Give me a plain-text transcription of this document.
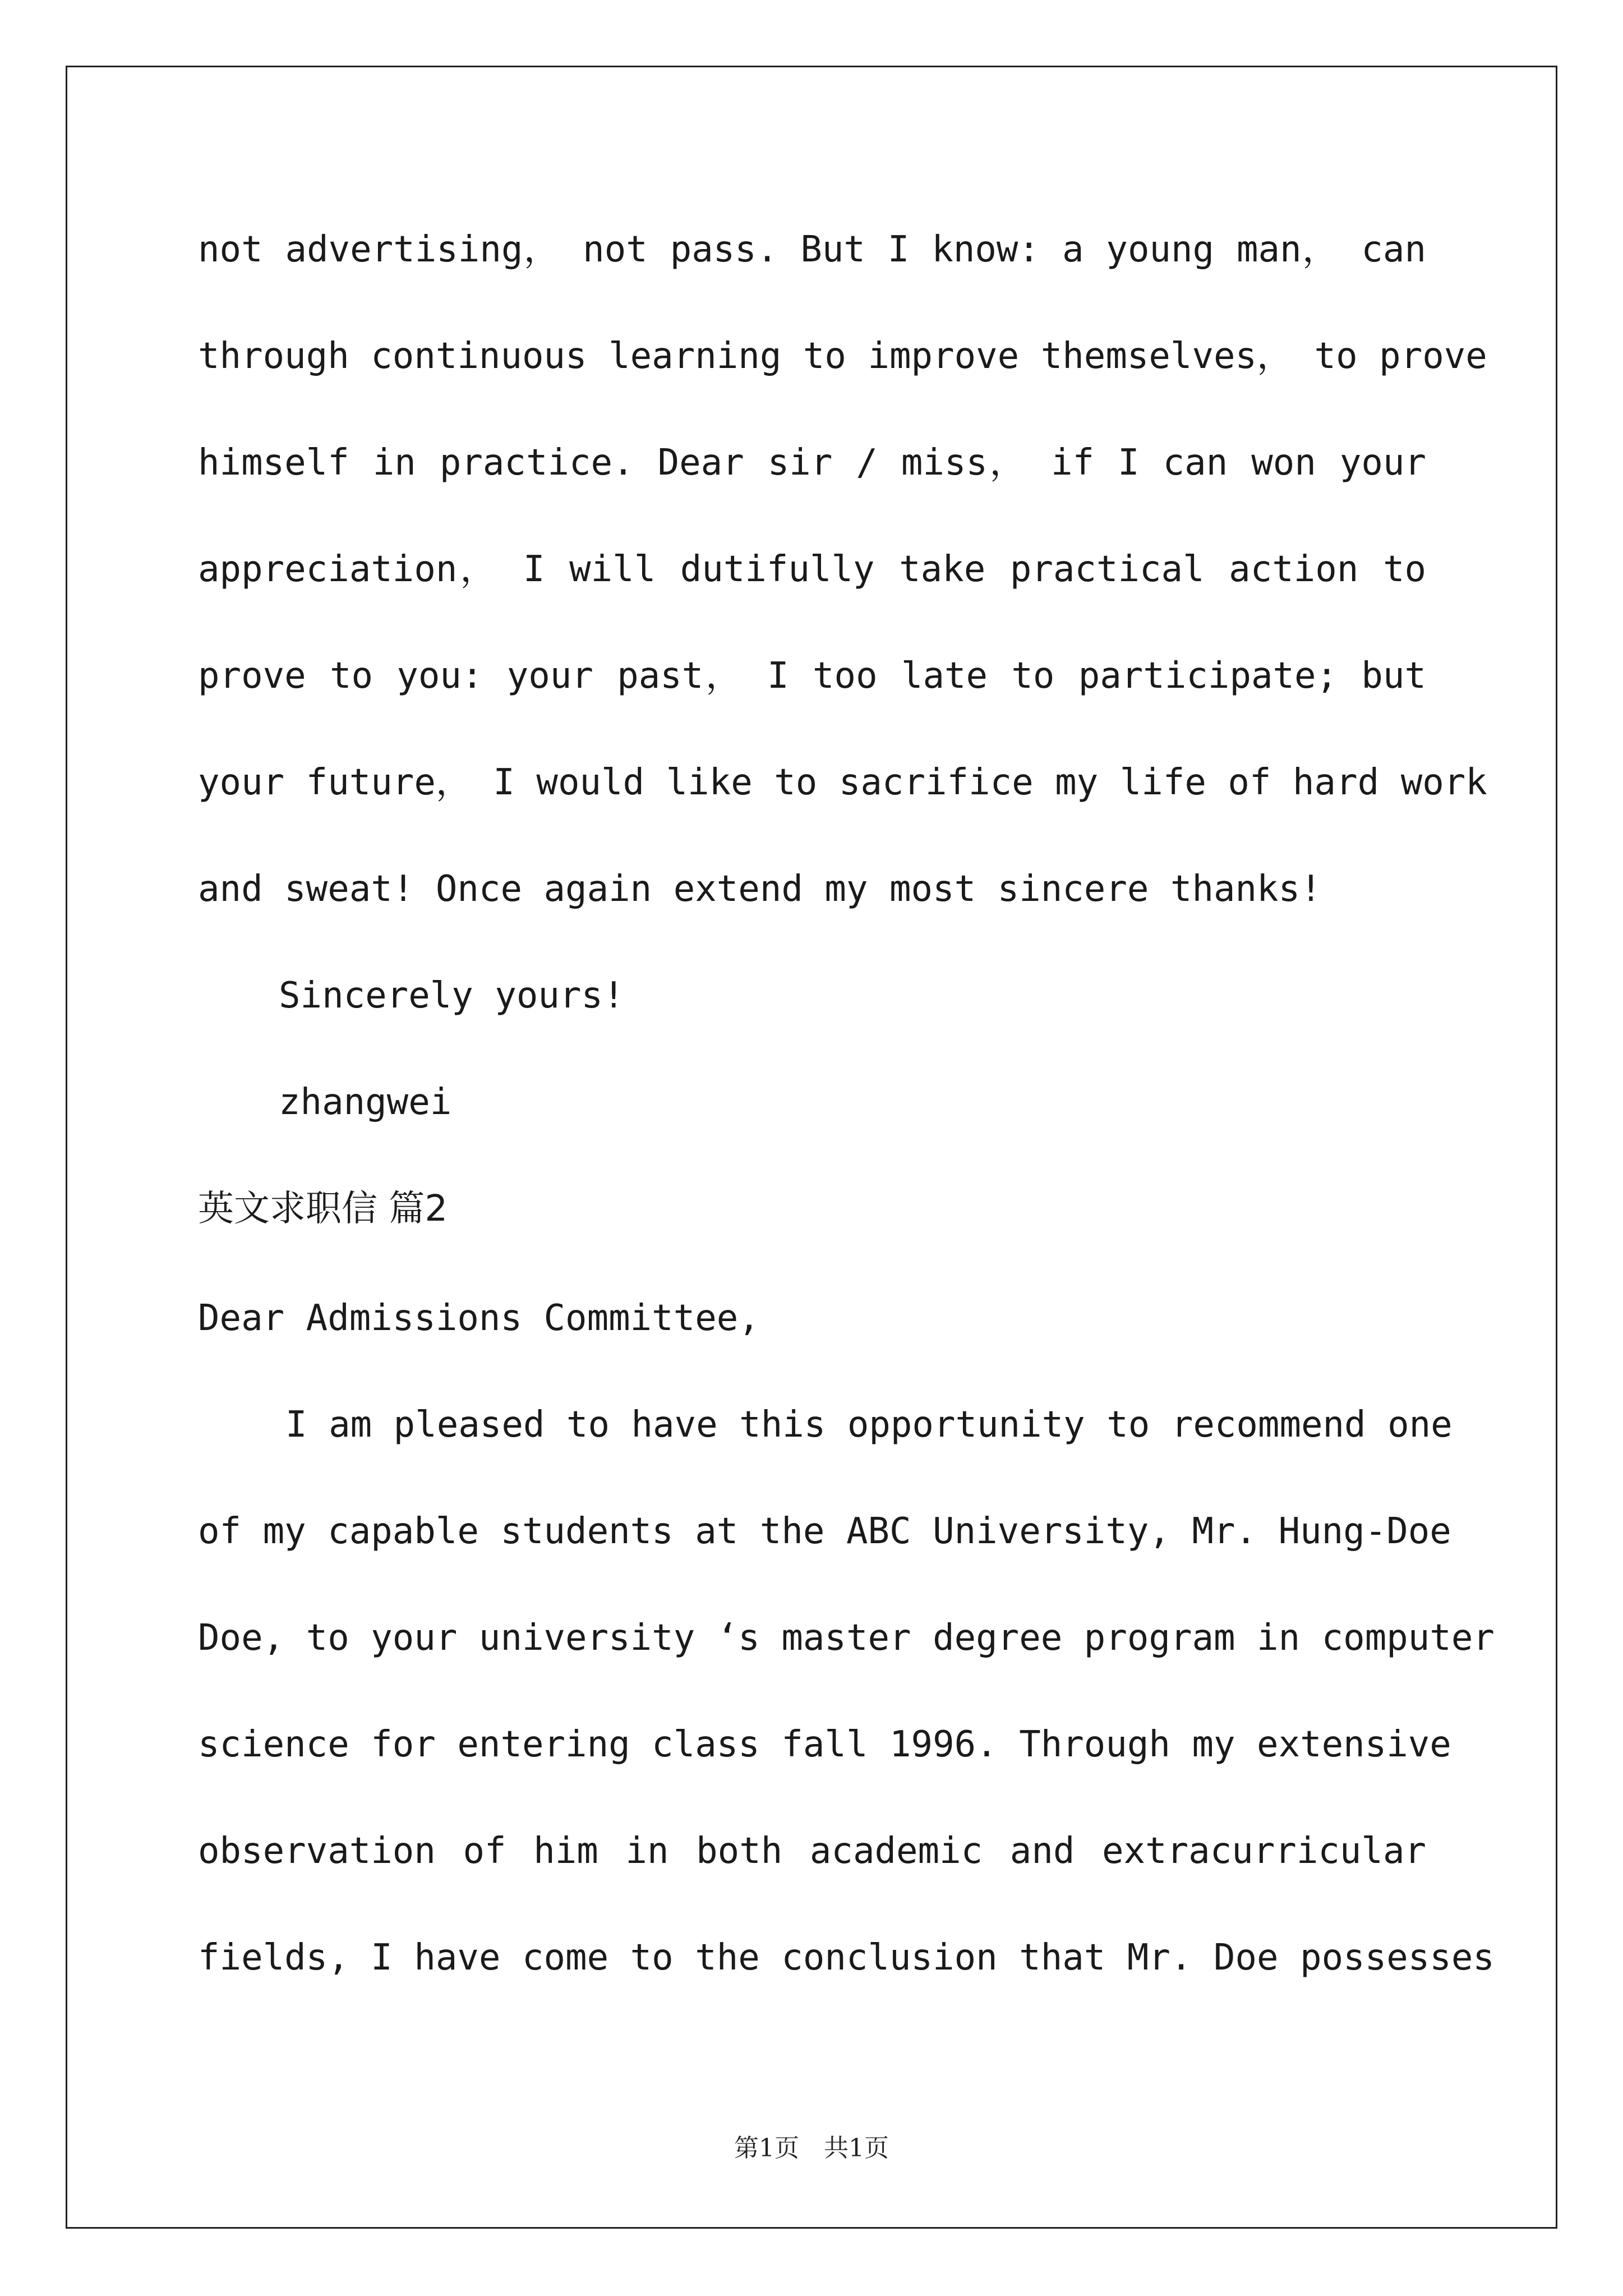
not advertising， not pass. But I know: a young man， can
through continuous learning to improve themselves， to prove
himself in practice. Dear sir / miss， if I can won your
appreciation， I will dutifully take practical action to
prove to you: your past， I too late to participate; but
your future， I would like to sacrifice my life of hard work
and sweat! Once again extend my most sincere thanks!
Sincerely yours!
zhangwei
英文求职信 篇2
Dear Admissions Committee,
I am pleased to have this opportunity to recommend one
of my capable students at the ABC University, Mr. Hung-Doe
Doe, to your university ‘s master degree program in computer
science for entering class fall 1996. Through my extensive
observation of him in both academic and extracurricular
fields, I have come to the conclusion that Mr. Doe possesses
第1页　共1页
